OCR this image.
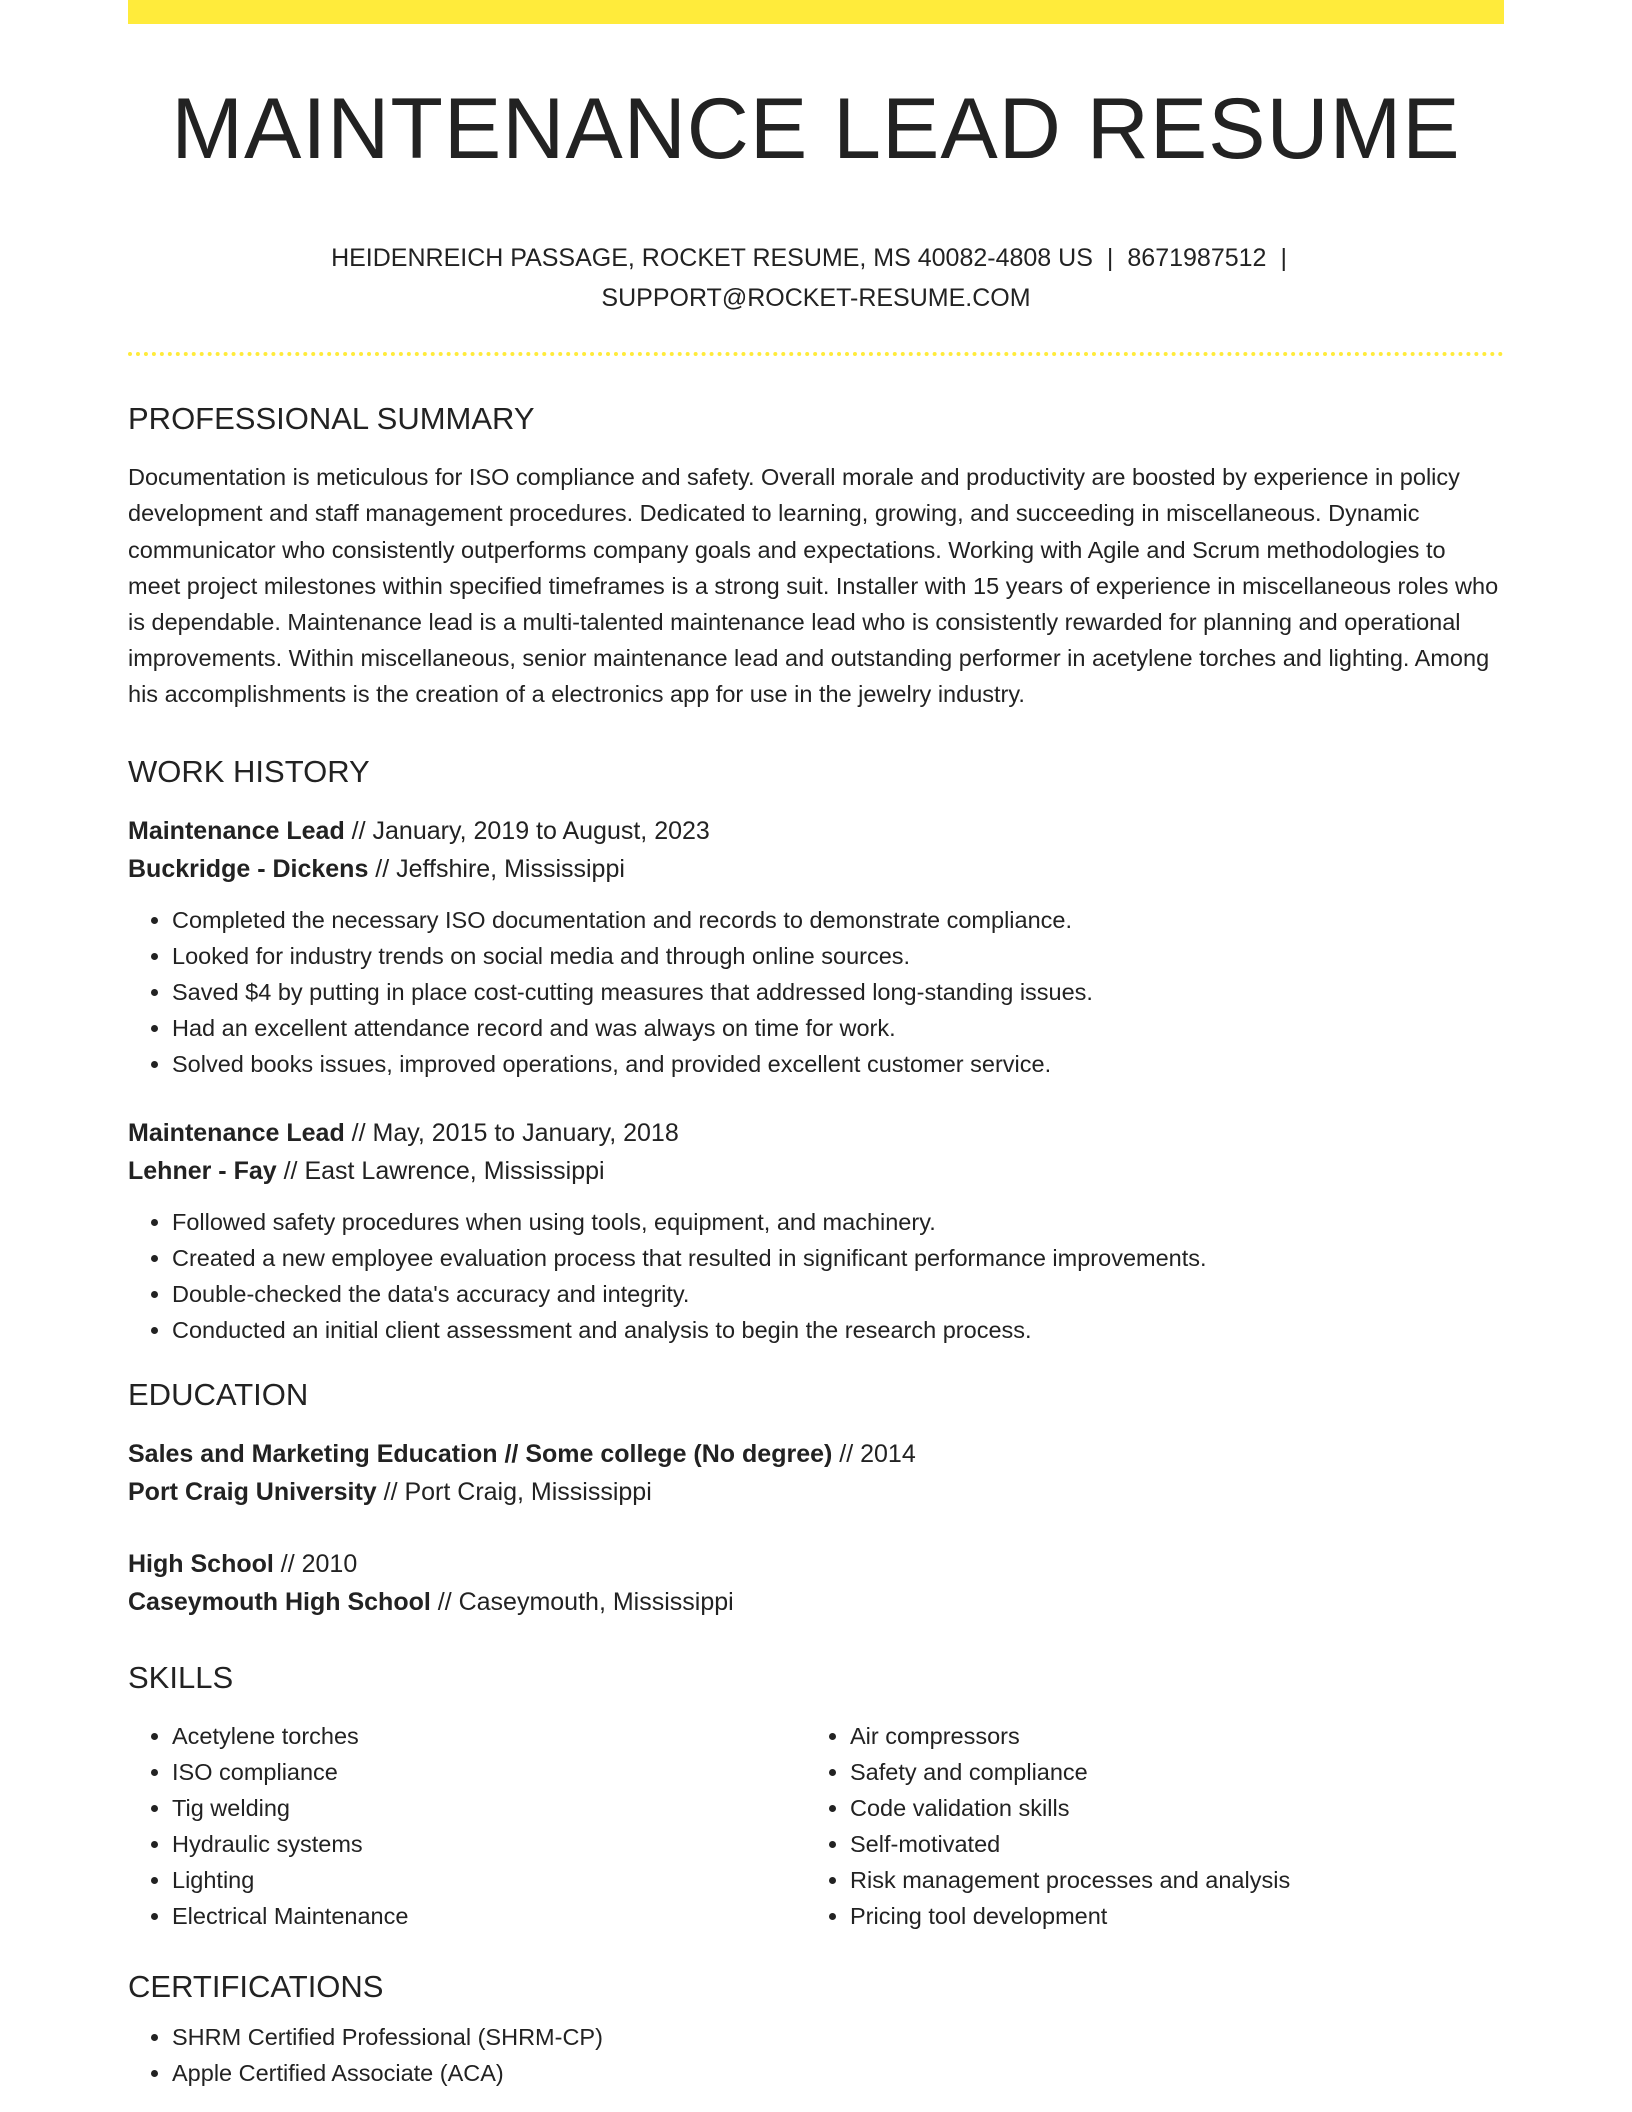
MAINTENANCE LEAD RESUME
HEIDENREICH PASSAGE, ROCKET RESUME, MS 40082-4808 US | 8671987512 |
SUPPORT@ROCKET-RESUME.COM
PROFESSIONAL SUMMARY

Documentation is meticulous for ISO compliance and safety. Overall morale and productivity are boosted by experience in policy development and staff management procedures. Dedicated to learning, growing, and succeeding in miscellaneous. Dynamic communicator who consistently outperforms company goals and expectations. Working with Agile and Scrum methodologies to meet project milestones within specified timeframes is a strong suit. Installer with 15 years of experience in miscellaneous roles who is dependable. Maintenance lead is a multi-talented maintenance lead who is consistently rewarded for planning and operational improvements. Within miscellaneous, senior maintenance lead and outstanding performer in acetylene torches and lighting. Among his accomplishments is the creation of a electronics app for use in the jewelry industry.

WORK HISTORY
Maintenance Lead // January, 2019 to August, 2023
Buckridge - Dickens // Jeffshire, Mississippi
• Completed the necessary ISO documentation and records to demonstrate compliance.
• Looked for industry trends on social media and through online sources.
• Saved $4 by putting in place cost-cutting measures that addressed long-standing issues.
• Had an excellent attendance record and was always on time for work.
• Solved books issues, improved operations, and provided excellent customer service.
Maintenance Lead // May, 2015 to January, 2018
Lehner - Fay // East Lawrence, Mississippi
• Followed safety procedures when using tools, equipment, and machinery.
• Created a new employee evaluation process that resulted in significant performance improvements.
• Double-checked the data's accuracy and integrity.
• Conducted an initial client assessment and analysis to begin the research process.
EDUCATION
Sales and Marketing Education // Some college (No degree) // 2014
Port Craig University // Port Craig, Mississippi
High School // 2010
Caseymouth High School // Caseymouth, Mississippi
SKILLS
• Acetylene torches
• ISO compliance
• Tig welding
• Hydraulic systems
• Lighting
• Electrical Maintenance
• Air compressors
• Safety and compliance
• Code validation skills
• Self-motivated
• Risk management processes and analysis
• Pricing tool development
CERTIFICATIONS
• SHRM Certified Professional (SHRM-CP)
• Apple Certified Associate (ACA)
